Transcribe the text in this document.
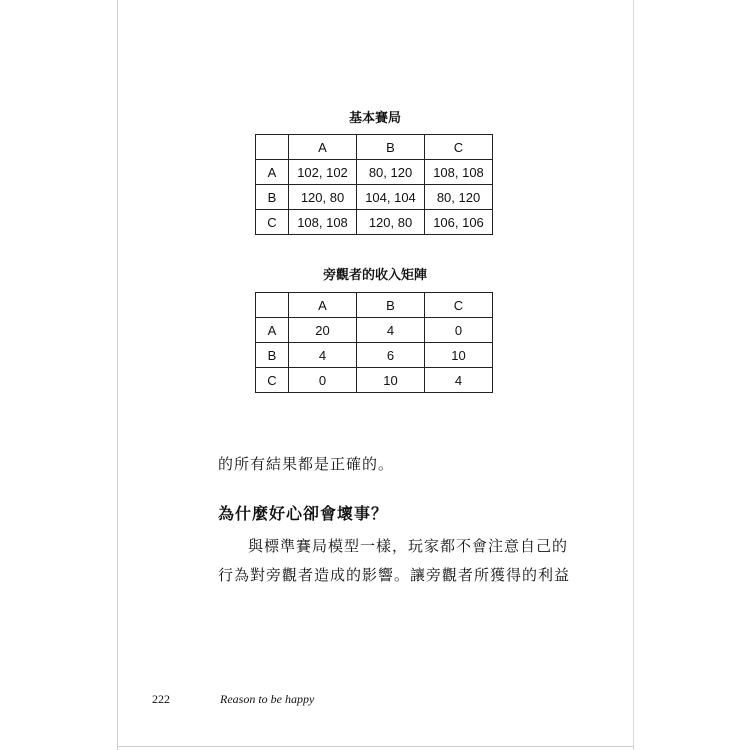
基本賽局
	A	B	C
A	102, 102	80, 120	108, 108
B	120, 80	104, 104	80, 120
C	108, 108	120, 80	106, 106
旁觀者的收入矩陣
	A	B	C
A	20	4	0
B	4	6	10
C	0	10	4
的所有結果都是正確的。
為什麼好心卻會壞事？
與標準賽局模型一樣，玩家都不會注意自己的
行為對旁觀者造成的影響。讓旁觀者所獲得的利益
222	Reason to be happy
